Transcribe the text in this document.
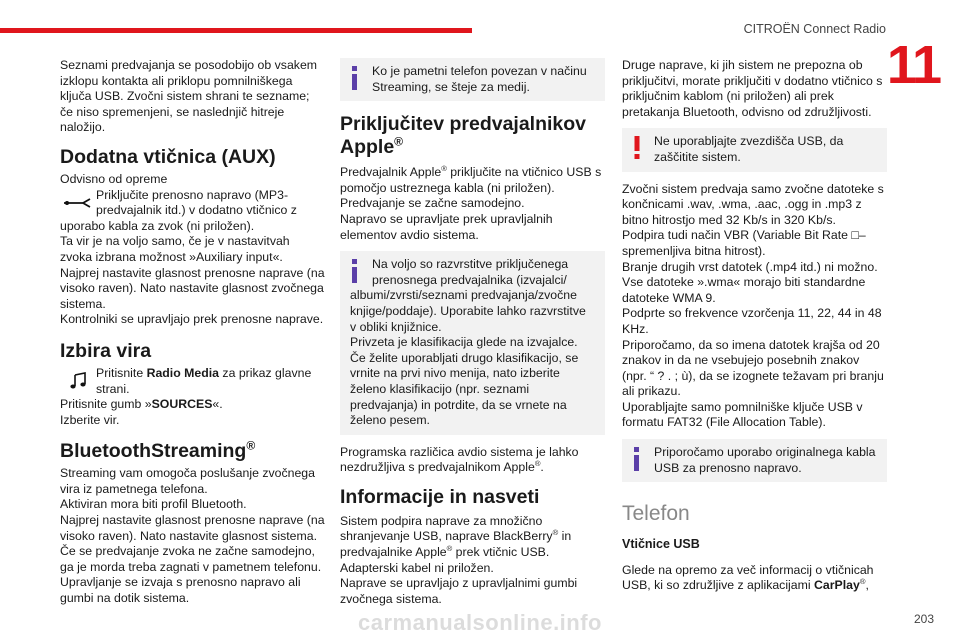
CITROËN Connect Radio
11

Seznami predvajanja se posodobijo ob vsakem izklopu kontakta ali priklopu pomnilniškega ključa USB. Zvočni sistem shrani te sezname; če niso spremenjeni, se naslednjič hitreje naložijo.

Dodatna vtičnica (AUX)

Odvisno od opreme

Priključite prenosno napravo (MP3-predvajalnik itd.) v dodatno vtičnico z

uporabo kabla za zvok (ni priložen).

Ta vir je na voljo samo, če je v nastavitvah zvoka izbrana možnost »Auxiliary input«.

Najprej nastavite glasnost prenosne naprave (na visoko raven). Nato nastavite glasnost zvočnega sistema.

Kontrolniki se upravljajo prek prenosne naprave.

Izbira vira
Pritisnite Radio Media za prikaz glavne strani.

Pritisnite gumb »SOURCES«.

Izberite vir.

BluetoothStreaming®

Streaming vam omogoča poslušanje zvočnega vira iz pametnega telefona.

Aktiviran mora biti profil Bluetooth.

Najprej nastavite glasnost prenosne naprave (na visoko raven). Nato nastavite glasnost sistema.

Če se predvajanje zvoka ne začne samodejno, ga je morda treba zagnati v pametnem telefonu.

Upravljanje se izvaja s prenosno napravo ali gumbi na dotik sistema.

Ko je pametni telefon povezan v načinu Streaming, se šteje za medij.

Priključitev predvajalnikov Apple®

Predvajalnik Apple® priključite na vtičnico USB s pomočjo ustreznega kabla (ni priložen).

Predvajanje se začne samodejno.

Napravo se upravljate prek upravljalnih elementov avdio sistema.

Na voljo so razvrstitve priključenega prenosnega predvajalnika (izvajalci/

albumi/zvrsti/seznami predvajanja/zvočne knjige/poddaje). Uporabite lahko razvrstitve v obliki knjižnice.

Privzeta je klasifikacija glede na izvajalce. Če želite uporabljati drugo klasifikacijo, se vrnite na prvi nivo menija, nato izberite želeno klasifikacijo (npr. seznami predvajanja) in potrdite, da se vrnete na želeno pesem.

Programska različica avdio sistema je lahko nezdružljiva s predvajalnikom Apple®.

Informacije in nasveti

Sistem podpira naprave za množično shranjevanje USB, naprave BlackBerry® in predvajalnike Apple® prek vtičnic USB. Adapterski kabel ni priložen.

Naprave se upravljajo z upravljalnimi gumbi zvočnega sistema.

Druge naprave, ki jih sistem ne prepozna ob priključitvi, morate priključiti v dodatno vtičnico s priključnim kablom (ni priložen) ali prek pretakanja Bluetooth, odvisno od združljivosti.

Ne uporabljajte zvezdišča USB, da zaščitite sistem.

Zvočni sistem predvaja samo zvočne datoteke s končnicami .wav, .wma, .aac, .ogg in .mp3 z bitno hitrostjo med 32 Kb/s in 320 Kb/s.

Podpira tudi način VBR (Variable Bit Rate □– spremenljiva bitna hitrost).

Branje drugih vrst datotek (.mp4 itd.) ni možno.

Vse datoteke ».wma« morajo biti standardne datoteke WMA 9.

Podprte so frekvence vzorčenja 11, 22, 44 in 48 KHz.

Priporočamo, da so imena datotek krajša od 20 znakov in da ne vsebujejo posebnih znakov (npr. “ ? . ; ù), da se izognete težavam pri branju ali prikazu.

Uporabljajte samo pomnilniške ključe USB v formatu FAT32 (File Allocation Table).

Priporočamo uporabo originalnega kabla USB za prenosno napravo.

Telefon
Vtičnice USB

Glede na opremo za več informacij o vtičnicah USB, ki so združljive z aplikacijami CarPlay®,

carmanualsonline.info	203
